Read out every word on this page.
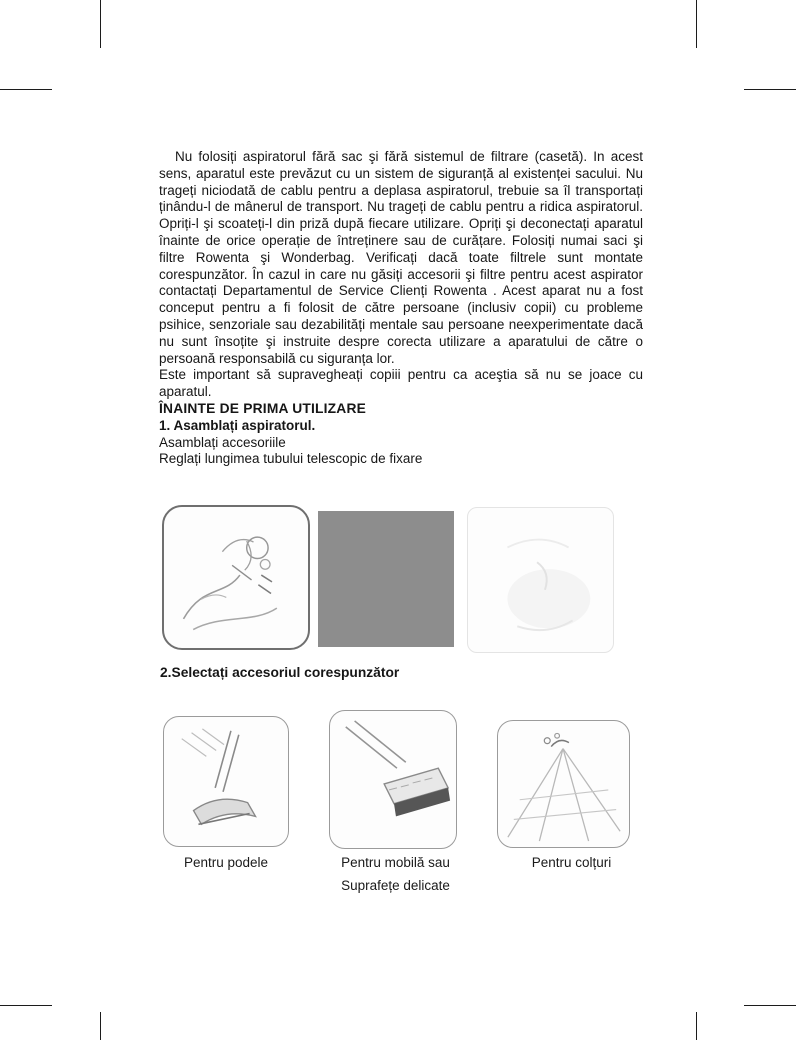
Nu folosiți aspiratorul fără sac şi fără sistemul de filtrare (casetă). In acest sens, aparatul este prevăzut cu un sistem de siguranță al existenței sacului. Nu trageți niciodată de cablu pentru a deplasa aspiratorul, trebuie sa îl transportați ținându-l de mânerul de transport. Nu trageți de cablu pentru a ridica aspiratorul. Opriți-l şi scoateți-l din priză după fiecare utilizare. Opriți şi deconectați aparatul înainte de orice operație de întreținere sau de curățare. Folosiți numai saci şi filtre Rowenta şi Wonderbag. Verificați dacă toate filtrele sunt montate corespunzător. În cazul in care nu găsiți accesorii şi filtre pentru acest aspirator contactați Departamentul de Service Clienți Rowenta . Acest aparat nu a fost conceput pentru a fi folosit de către persoane (inclusiv copii) cu probleme psihice, senzoriale sau dezabilități mentale sau persoane neexperimentate dacă nu sunt însoțite şi instruite despre corecta utilizare a aparatului de către o persoană responsabilă cu siguranța lor.

Este important să supravegheați copiii pentru ca aceştia să nu se joace cu aparatul.

ÎNAINTE DE PRIMA UTILIZARE

1. Asamblați aspiratorul.

Asamblați accesoriile

Reglați lungimea tubului telescopic de fixare

2.Selectați accesoriul corespunzător
Pentru podele	Pentru mobilă sau
Suprafețe delicate
Pentru colțuri
